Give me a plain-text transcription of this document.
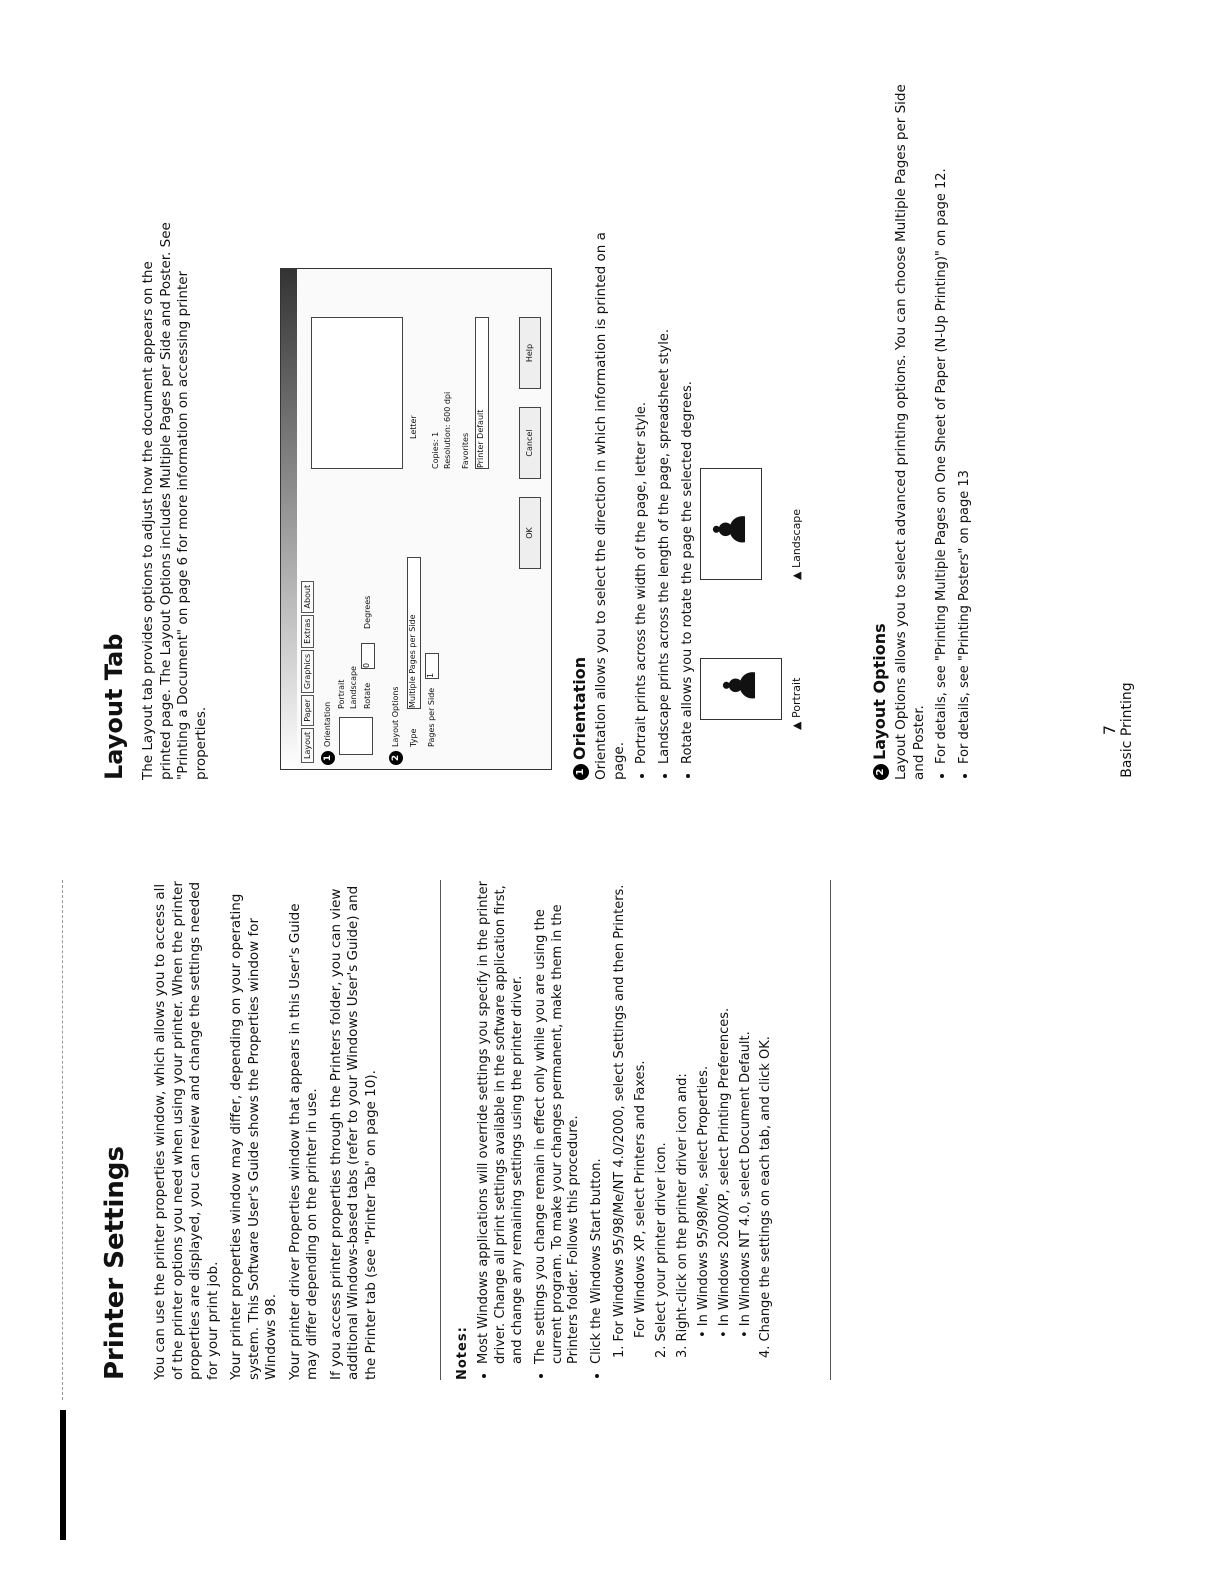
Printer Settings You can use the printer properties window, which allows you to access all of the printer options you need when using your printer. When the printer properties are displayed, you can review and change the settings needed for your print job. Your printer properties window may differ, depending on your operating system. This Software User's Guide shows the Properties window for Windows 98. Your printer driver Properties window that appears in this User's Guide may differ depending on the printer in use. If you access printer properties through the Printers folder, you can view additional Windows-based tabs (refer to your Windows User's Guide) and the Printer tab (see "Printer Tab" on page 10).	Notes: • Most Windows applications will override settings you specify in the printer driver. Change all print settings available in the software application first, and change any remaining settings using the printer driver. • The settings you change remain in effect only while you are using the current program. To make your changes permanent, make them in the Printers folder. Follows this procedure. • Click the Windows Start button. 1. For Windows 95/98/Me/NT 4.0/2000, select Settings and then Printers. For Windows XP, select Printers and Faxes. 2. Select your printer driver icon. 3. Right-click on the printer driver icon and: • In Windows 95/98/Me, select Properties. • In Windows 2000/XP, select Printing Preferences. • In Windows NT 4.0, select Document Default. 4. Change the settings on each tab, and click OK.
Layout Tab The Layout tab provides options to adjust how the document appears on the printed page. The Layout Options includes Multiple Pages per Side and Poster. See "Printing a Document" on page 6 for more information on accessing printer properties.	LayoutPaperGraphicsExtrasAbout
1
Orientation
Portrait Landscape Rotate
0
Degrees
2
Layout Options Type
Multiple Pages per Side
Pages per Side
1
Letter
Copies: 1 Resolution: 600 dpi Favorites Printer Default
OK
Cancel
Help
1Orientation Orientation allows you to select the direction in which information is printed on a page. • Portrait prints across the width of the page, letter style. • Landscape prints across the length of the page, spreadsheet style. • Rotate allows you to rotate the page the selected degrees. ♟
▲ Portrait
♟
▲ Landscape
2Layout Options Layout Options allows you to select advanced printing options. You can choose Multiple Pages per Side and Poster. • For details, see "Printing Multiple Pages on One Sheet of Paper (N-Up Printing)" on page 12. • For details, see "Printing Posters" on page 13	7 Basic Printing
